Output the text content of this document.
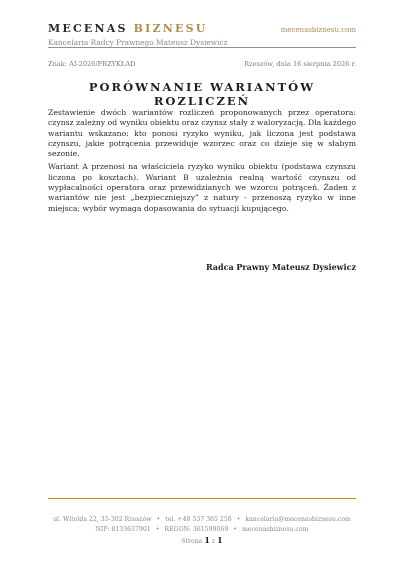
MECENAS BIZNESU	mecenasbiznesu.com
Kancelaria Radcy Prawnego Mateusz Dysiewicz
Znak: AI-2026/PRZYKŁAD	Rzeszów, dnia 16 sierpnia 2026 r.
PORÓWNANIE WARIANTÓW ROZLICZEŃ

Zestawienie dwóch wariantów rozliczeń proponowanych przez operatora: czynsz zależny od wyniku obiektu oraz czynsz stały z waloryzacją. Dla każdego wariantu wskazano: kto ponosi ryzyko wyniku, jak liczona jest podstawa czynszu, jakie potrącenia przewiduje wzorzec oraz co dzieje się w słabym sezonie.

Wariant A przenosi na właściciela ryzyko wyniku obiektu (podstawa czynszu liczona po kosztach). Wariant B uzależnia realną wartość czynszu od wypłacalności operatora oraz przewidzianych we wzorcu potrąceń. Żaden z wariantów nie jest „bezpieczniejszy” z natury - przenoszą ryzyko w inne miejsca; wybór wymaga dopasowania do sytuacji kupującego.

Radca Prawny Mateusz Dysiewicz
ul. Witolda 22, 35-302 Rzeszów • tel. +48 537 365 258 • kancelaria@mecenasbiznesu.com
NIP: 8133637901 • REGON: 361599069 • mecenasbiznesu.com
Strona 1 z 1
